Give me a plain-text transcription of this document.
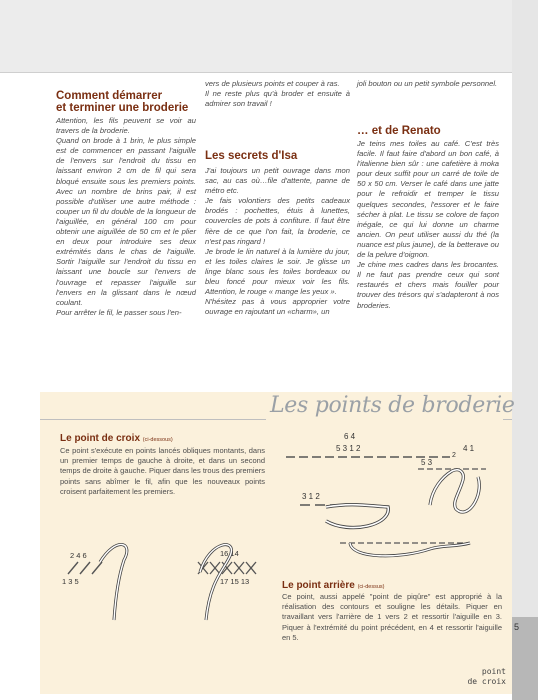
Comment démarrer
et terminer une broderie

Attention, les fils peuvent se voir au travers de la broderie.

Quand on brode à 1 brin, le plus simple est de commencer en passant l'aiguille de l'envers sur l'endroit du tissu en laissant environ 2 cm de fil qui sera bloqué ensuite sous les premiers points. Avec un nombre de brins pair, il est possible d'utiliser une autre méthode : couper un fil du double de la longueur de l'aiguillée, en général 100 cm pour obtenir une aiguillée de 50 cm et le plier en deux pour introduire ses deux extrémités dans le chas de l'aiguille. Sortir l'aiguille sur l'endroit du tissu en laissant une boucle sur l'envers de l'ouvrage et repasser l'aiguille sur l'envers en la glissant dans le nœud coulant.

Pour arrêter le fil, le passer sous l'en-

vers de plusieurs points et couper à ras.

Il ne reste plus qu'à broder et ensuite à admirer son travail !

Les secrets d'Isa

J'ai toujours un petit ouvrage dans mon sac, au cas où…file d'attente, panne de métro etc.

Je fais volontiers des petits cadeaux brodés : pochettes, étuis à lunettes, couvercles de pots à confiture. Il faut être fière de ce que l'on fait, la broderie, ce n'est pas ringard !

Je brode le lin naturel à la lumière du jour, et les toiles claires le soir. Je glisse un linge blanc sous les toiles bordeaux ou bleu foncé pour mieux voir les fils. Attention, le rouge « mange les yeux ».

N'hésitez pas à vous approprier votre ouvrage en rajoutant un «charm», un

joli bouton ou un petit symbole personnel.

… et de Renato

Je teins mes toiles au café. C'est très facile. Il faut faire d'abord un bon café, à l'italienne bien sûr : une cafetière à moka pour deux suffit pour un carré de toile de 50 x 50 cm. Verser le café dans une jatte pour le refroidir et tremper le tissu quelques secondes, l'essorer et le faire sécher à plat. Le tissu se colore de façon inégale, ce qui lui donne un charme ancien. On peut utiliser aussi du thé (la nuance est plus jaune), de la betterave ou de la pelure d'oignon.

Je chine mes cadres dans les brocantes. Il ne faut pas prendre ceux qui sont restaurés et chers mais fouiller pour trouver des trésors qui s'adapteront à nos broderies.

Les points de broderie
Le point de croix (ci-dessous)
Ce point s'exécute en points lancés obliques montants, dans un premier temps de gauche à droite, et dans un second temps de droite à gauche. Piquer dans les trous des premiers points sans abîmer le fil, afin que les nouveaux points croisent parfaitement les premiers.
Le point arrière (ci-dessus)
Ce point, aussi appelé "point de piqûre" est approprié à la réalisation des contours et souligne les détails. Piquer en travaillant vers l'arrière de 1 vers 2 et ressortir l'aiguille en 3. Piquer à l'extrémité du point précédent, en 4 et ressortir l'aiguille en 5.
6 4
5 3 1 2	4 1
5 3
2
3 1 2
2 4 6
1 3 5
16 14
17 15 13
5
point
de croix
